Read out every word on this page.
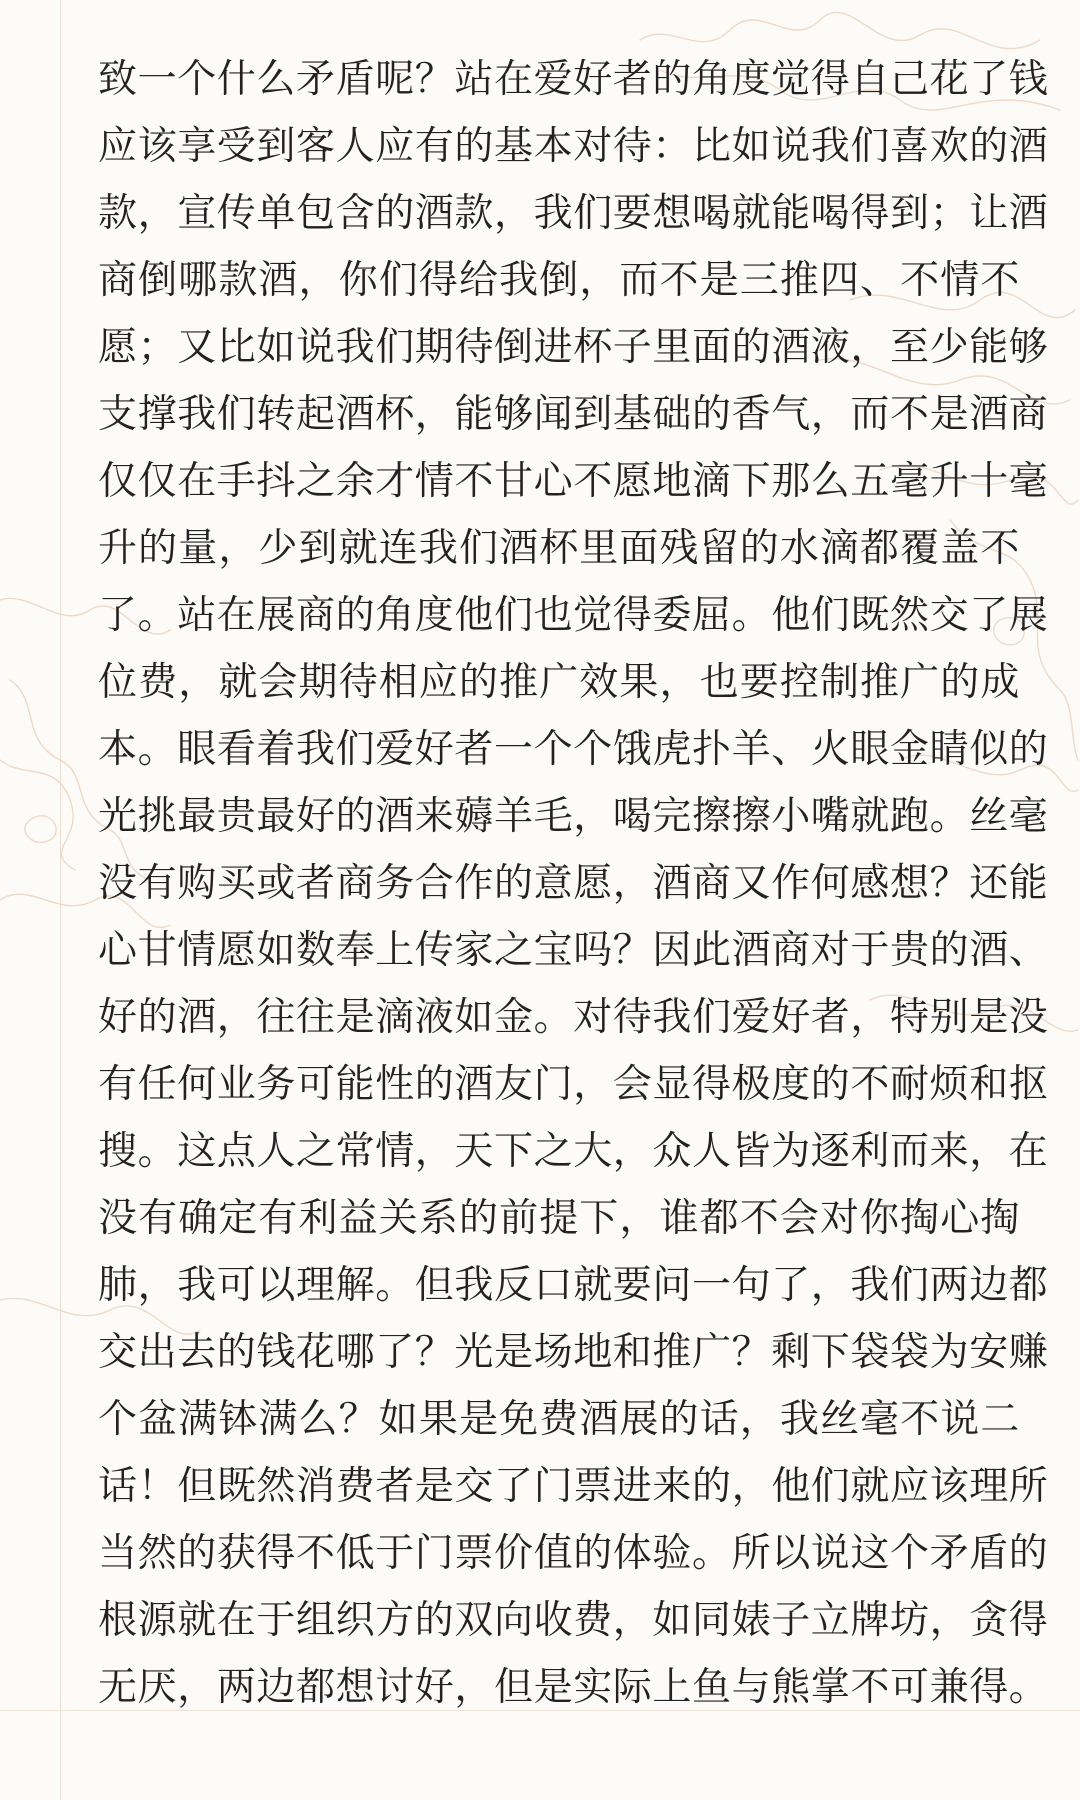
致一个什么矛盾呢？站在爱好者的角度觉得自己花了钱
应该享受到客人应有的基本对待：比如说我们喜欢的酒
款，宣传单包含的酒款，我们要想喝就能喝得到；让酒
商倒哪款酒，你们得给我倒，而不是三推四、不情不
愿；又比如说我们期待倒进杯子里面的酒液，至少能够
支撑我们转起酒杯，能够闻到基础的香气，而不是酒商
仅仅在手抖之余才情不甘心不愿地滴下那么五毫升十毫
升的量，少到就连我们酒杯里面残留的水滴都覆盖不
了。站在展商的角度他们也觉得委屈。他们既然交了展
位费，就会期待相应的推广效果，也要控制推广的成
本。眼看着我们爱好者一个个饿虎扑羊、火眼金睛似的
光挑最贵最好的酒来薅羊毛，喝完擦擦小嘴就跑。丝毫
没有购买或者商务合作的意愿，酒商又作何感想？还能
心甘情愿如数奉上传家之宝吗？因此酒商对于贵的酒、
好的酒，往往是滴液如金。对待我们爱好者，特别是没
有任何业务可能性的酒友门，会显得极度的不耐烦和抠
搜。这点人之常情，天下之大，众人皆为逐利而来，在
没有确定有利益关系的前提下，谁都不会对你掏心掏
肺，我可以理解。但我反口就要问一句了，我们两边都
交出去的钱花哪了？光是场地和推广？剩下袋袋为安赚
个盆满钵满么？如果是免费酒展的话，我丝毫不说二
话！但既然消费者是交了门票进来的，他们就应该理所
当然的获得不低于门票价值的体验。所以说这个矛盾的
根源就在于组织方的双向收费，如同婊子立牌坊，贪得
无厌，两边都想讨好，但是实际上鱼与熊掌不可兼得。
